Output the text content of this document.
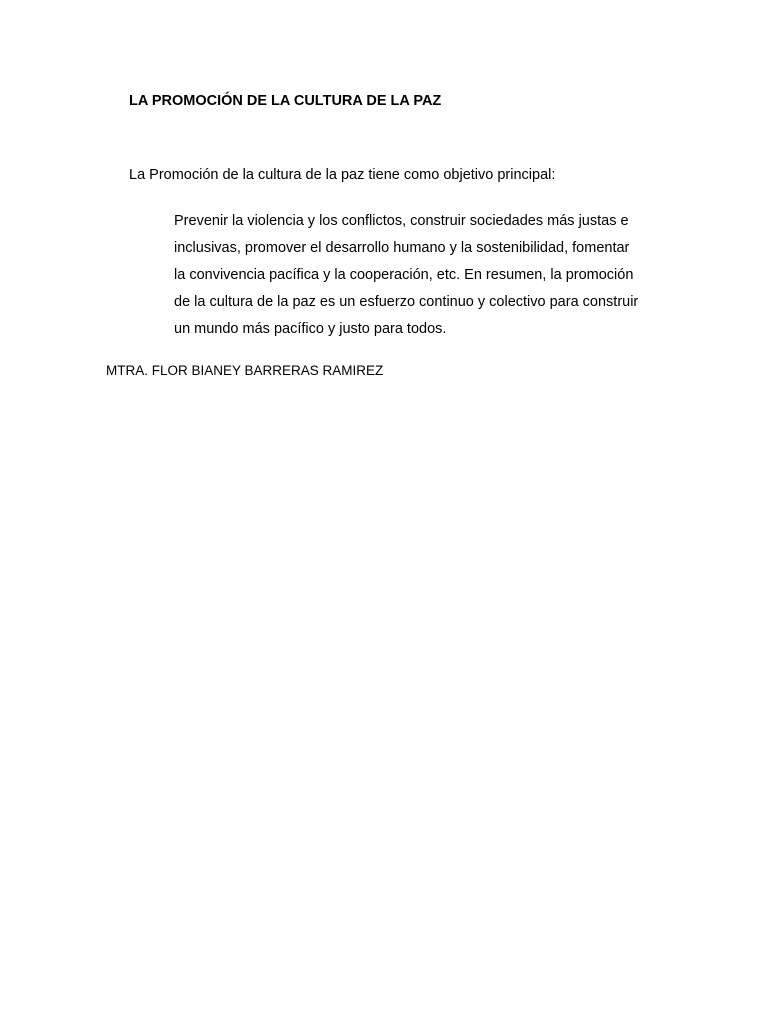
LA PROMOCIÓN DE LA CULTURA DE LA PAZ

La Promoción de la cultura de la paz tiene como objetivo principal:

Prevenir la violencia y los conflictos, construir sociedades más justas e
inclusivas, promover el desarrollo humano y la sostenibilidad, fomentar
la convivencia pacífica y la cooperación, etc. En resumen, la promoción
de la cultura de la paz es un esfuerzo continuo y colectivo para construir
un mundo más pacífico y justo para todos.

MTRA. FLOR BIANEY BARRERAS RAMIREZ
